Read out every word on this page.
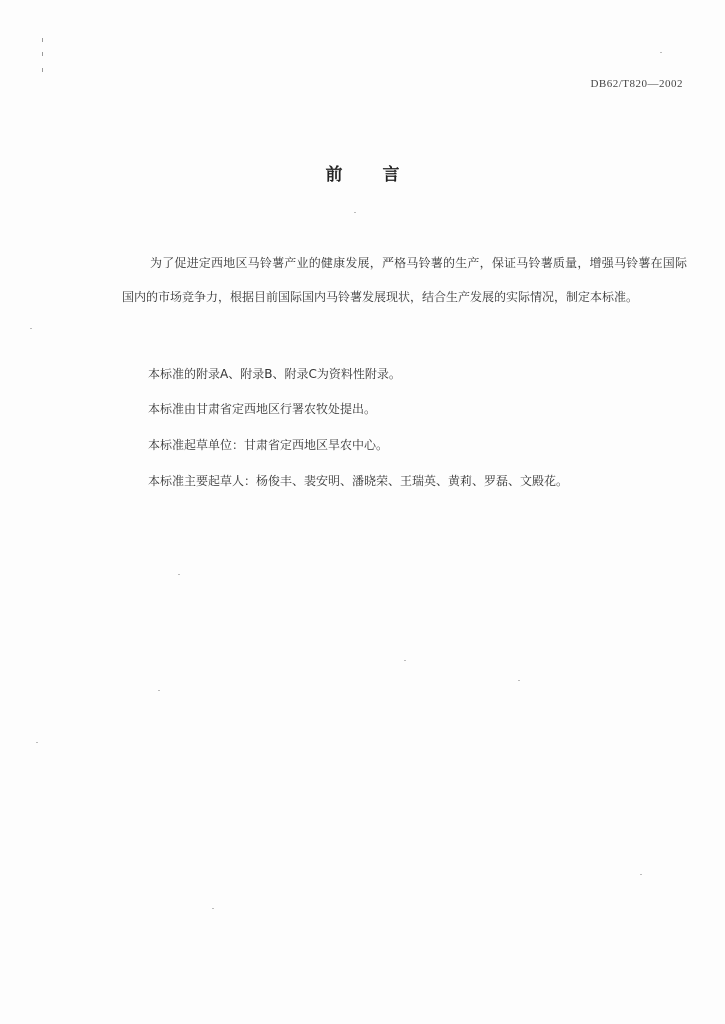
DB62/T820—2002
前言
为了促进定西地区马铃薯产业的健康发展，严格马铃薯的生产，保证马铃薯质量，增强马铃薯在国际国内的市场竞争力，根据目前国际国内马铃薯发展现状，结合生产发展的实际情况，制定本标准。
本标准的附录A、附录B、附录C为资料性附录。
本标准由甘肃省定西地区行署农牧处提出。
本标准起草单位：甘肃省定西地区旱农中心。
本标准主要起草人：杨俊丰、裴安明、潘晓荣、王瑞英、黄莉、罗磊、文殿花。
